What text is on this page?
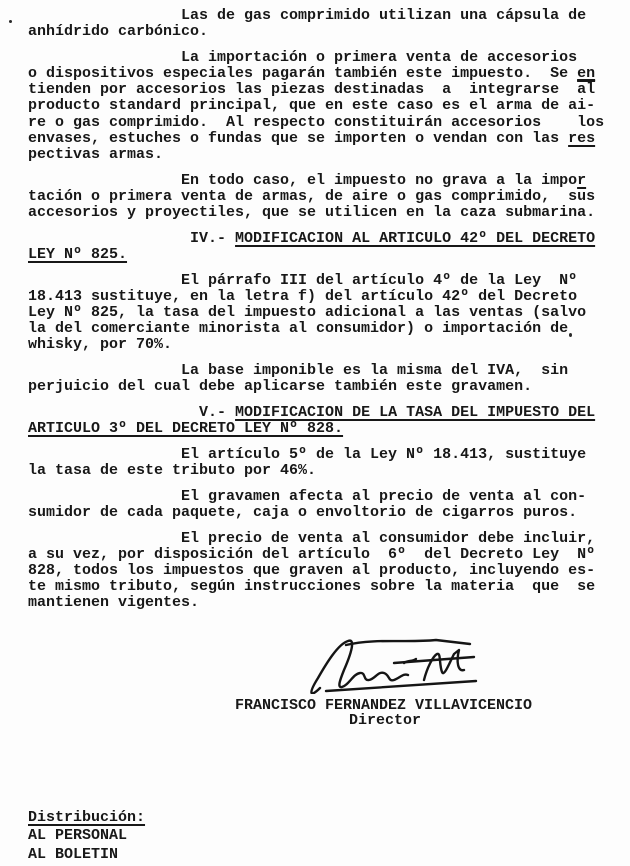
Las de gas comprimido utilizan una cápsula de
anhídrido carbónico.
La importación o primera venta de accesorios
o dispositivos especiales pagarán también este impuesto.  Se en
tienden por accesorios las piezas destinadas  a  integrarse  $\overline{al}$
producto standard principal, que en este caso es el arma de ai-
re o gas comprimido.  Al respecto constituirán accesorios    los
envases, estuches o fundas que se importen o vendan con las res
pectivas armas.
En todo caso, el impuesto no grava a la impor
tación o primera venta de armas, de aire o gas comprimido,  sus
accesorios y proyectiles, que se utilicen en la caza submarina.
IV.- MODIFICACION AL ARTICULO 42º DEL DECRETO
LEY Nº 825.
El párrafo III del artículo 4º de la Ley  Nº
18.413 sustituye, en la letra f) del artículo 42º del Decreto
Ley Nº 825, la tasa del impuesto adicional a las ventas (salvo
la del comerciante minorista al consumidor) o importación de
whisky, por 70%.
La base imponible es la misma del IVA,  sin
perjuicio del cual debe aplicarse también este gravamen.
V.- MODIFICACION DE LA TASA DEL IMPUESTO DEL
ARTICULO 3º DEL DECRETO LEY Nº 828.
El artículo 5º de la Ley Nº 18.413, sustituye
la tasa de este tributo por 46%.
El gravamen afecta al precio de venta al con-
sumidor de cada paquete, caja o envoltorio de cigarros puros.
El precio de venta al consumidor debe incluir,
a su vez, por disposición del artículo  6º  del Decreto Ley  Nº
828, todos los impuestos que graven al producto, incluyendo es-
te mismo tributo, según instrucciones sobre la materia  que  se
mantienen vigentes.
FRANCISCO FERNANDEZ VILLAVICENCIO
Director
Distribución:
AL PERSONAL
AL BOLETIN
